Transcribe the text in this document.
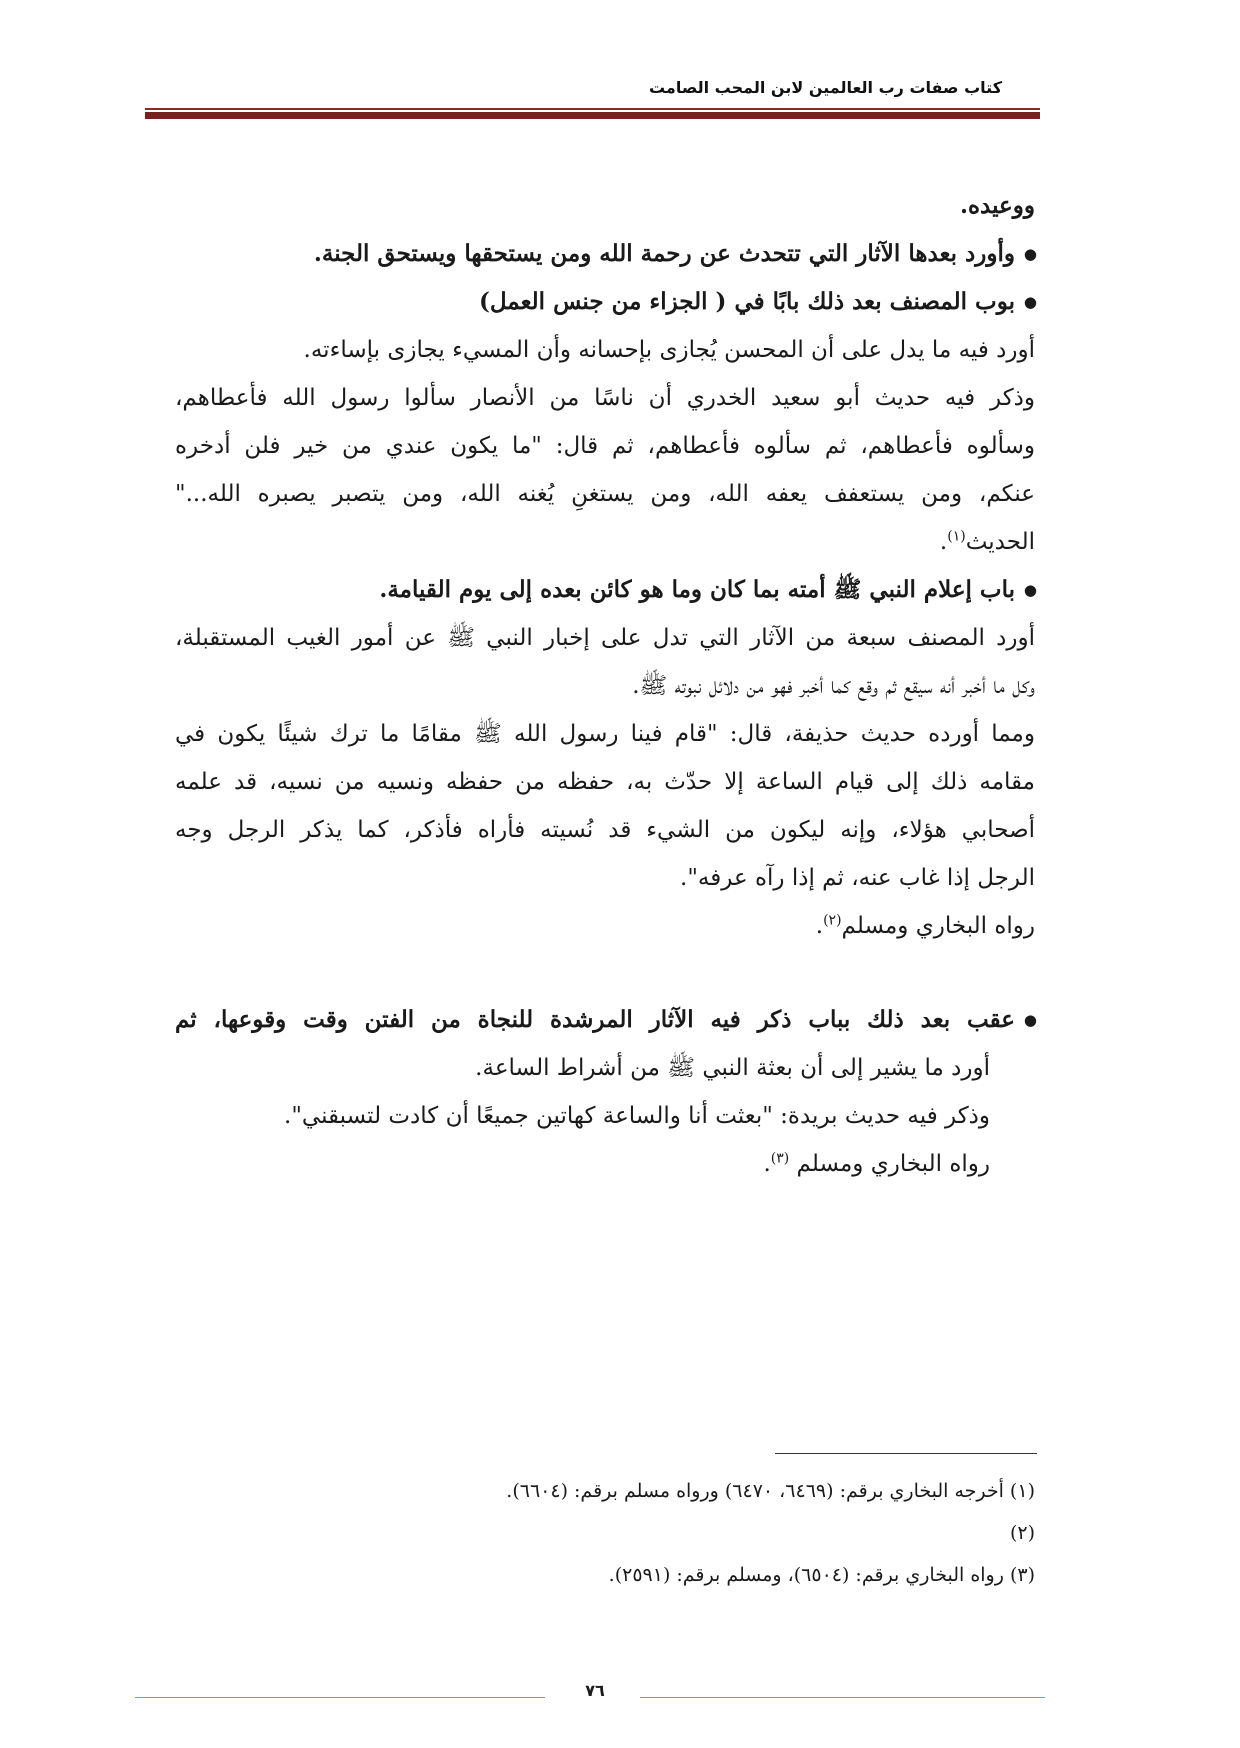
كتاب صفات رب العالمين لابن المحب الصامت

ووعيده.

● وأورد بعدها الآثار التي تتحدث عن رحمة الله ومن يستحقها ويستحق الجنة.

● بوب المصنف بعد ذلك بابًا في ( الجزاء من جنس العمل)

أورد فيه ما يدل على أن المحسن يُجازى بإحسانه وأن المسيء يجازى بإساءته.

وذكر فيه حديث أبو سعيد الخدري أن ناسًا من الأنصار سألوا رسول الله فأعطاهم،

وسألوه فأعطاهم، ثم سألوه فأعطاهم، ثم قال: "ما يكون عندي من خير فلن أدخره

عنكم، ومن يستعفف يعفه الله، ومن يستغنِ يُغنه الله، ومن يتصبر يصبره الله..."

الحديث$^{(١)}$.

● باب إعلام النبي ﷺ أمته بما كان وما هو كائن بعده إلى يوم القيامة.

أورد المصنف سبعة من الآثار التي تدل على إخبار النبي ﷺ عن أمور الغيب المستقبلة،

وكل ما أخبر أنه سيقع ثم وقع كما أخبر فهو من دلائل نبوته ﷺ.

ومما أورده حديث حذيفة، قال: "قام فينا رسول الله ﷺ مقامًا ما ترك شيئًا يكون في

مقامه ذلك إلى قيام الساعة إلا حدّث به، حفظه من حفظه ونسيه من نسيه، قد علمه

أصحابي هؤلاء، وإنه ليكون من الشيء قد نُسيته فأراه فأذكر، كما يذكر الرجل وجه

الرجل إذا غاب عنه، ثم إذا رآه عرفه".

رواه البخاري ومسلم$^{(٢)}$.

● عقب بعد ذلك بباب ذكر فيه الآثار المرشدة للنجاة من الفتن وقت وقوعها، ثم

أورد ما يشير إلى أن بعثة النبي ﷺ من أشراط الساعة.

وذكر فيه حديث بريدة: "بعثت أنا والساعة كهاتين جميعًا أن كادت لتسبقني".

رواه البخاري ومسلم $^{(٣)}$.

(١) أخرجه البخاري برقم: (٦٤٦٩، ٦٤٧٠) ورواه مسلم برقم: (٦٦٠٤).

(٢)

(٣) رواه البخاري برقم: (٦٥٠٤)، ومسلم برقم: (٢٥٩١).

٧٦
